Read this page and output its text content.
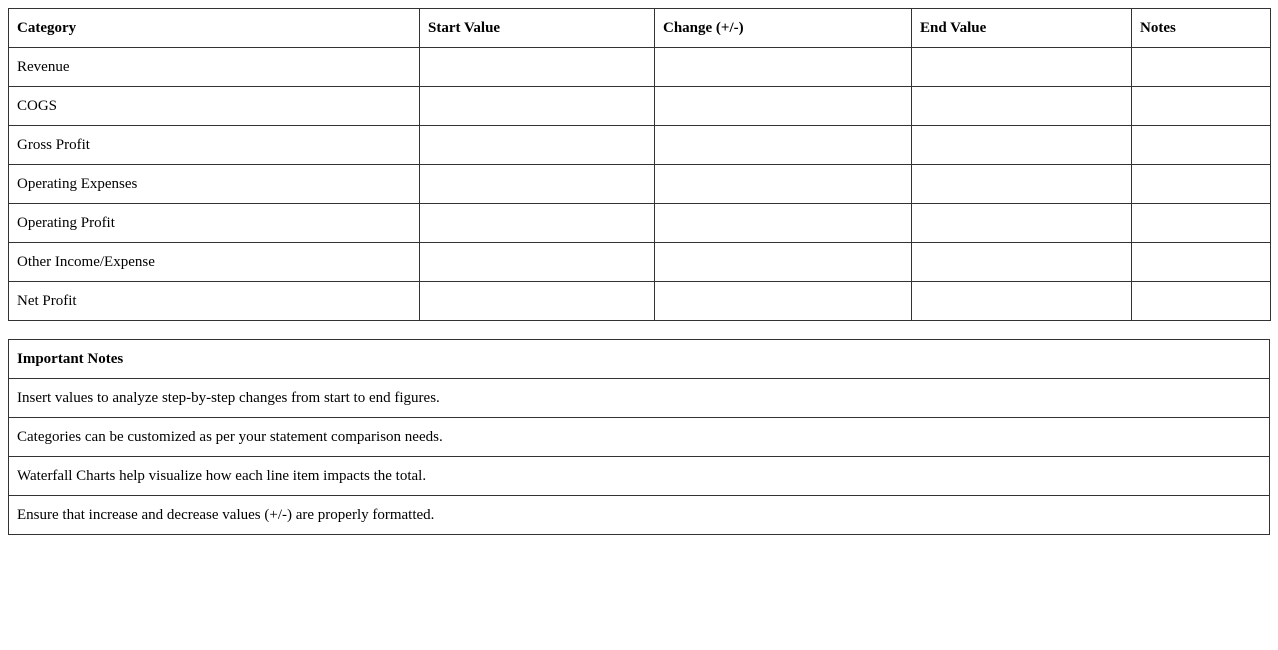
Category	Start Value	Change (+/-)	End Value	Notes
Revenue				
COGS				
Gross Profit				
Operating Expenses				
Operating Profit				
Other Income/Expense				
Net Profit				
Important Notes
Insert values to analyze step-by-step changes from start to end figures.
Categories can be customized as per your statement comparison needs.
Waterfall Charts help visualize how each line item impacts the total.
Ensure that increase and decrease values (+/-) are properly formatted.
